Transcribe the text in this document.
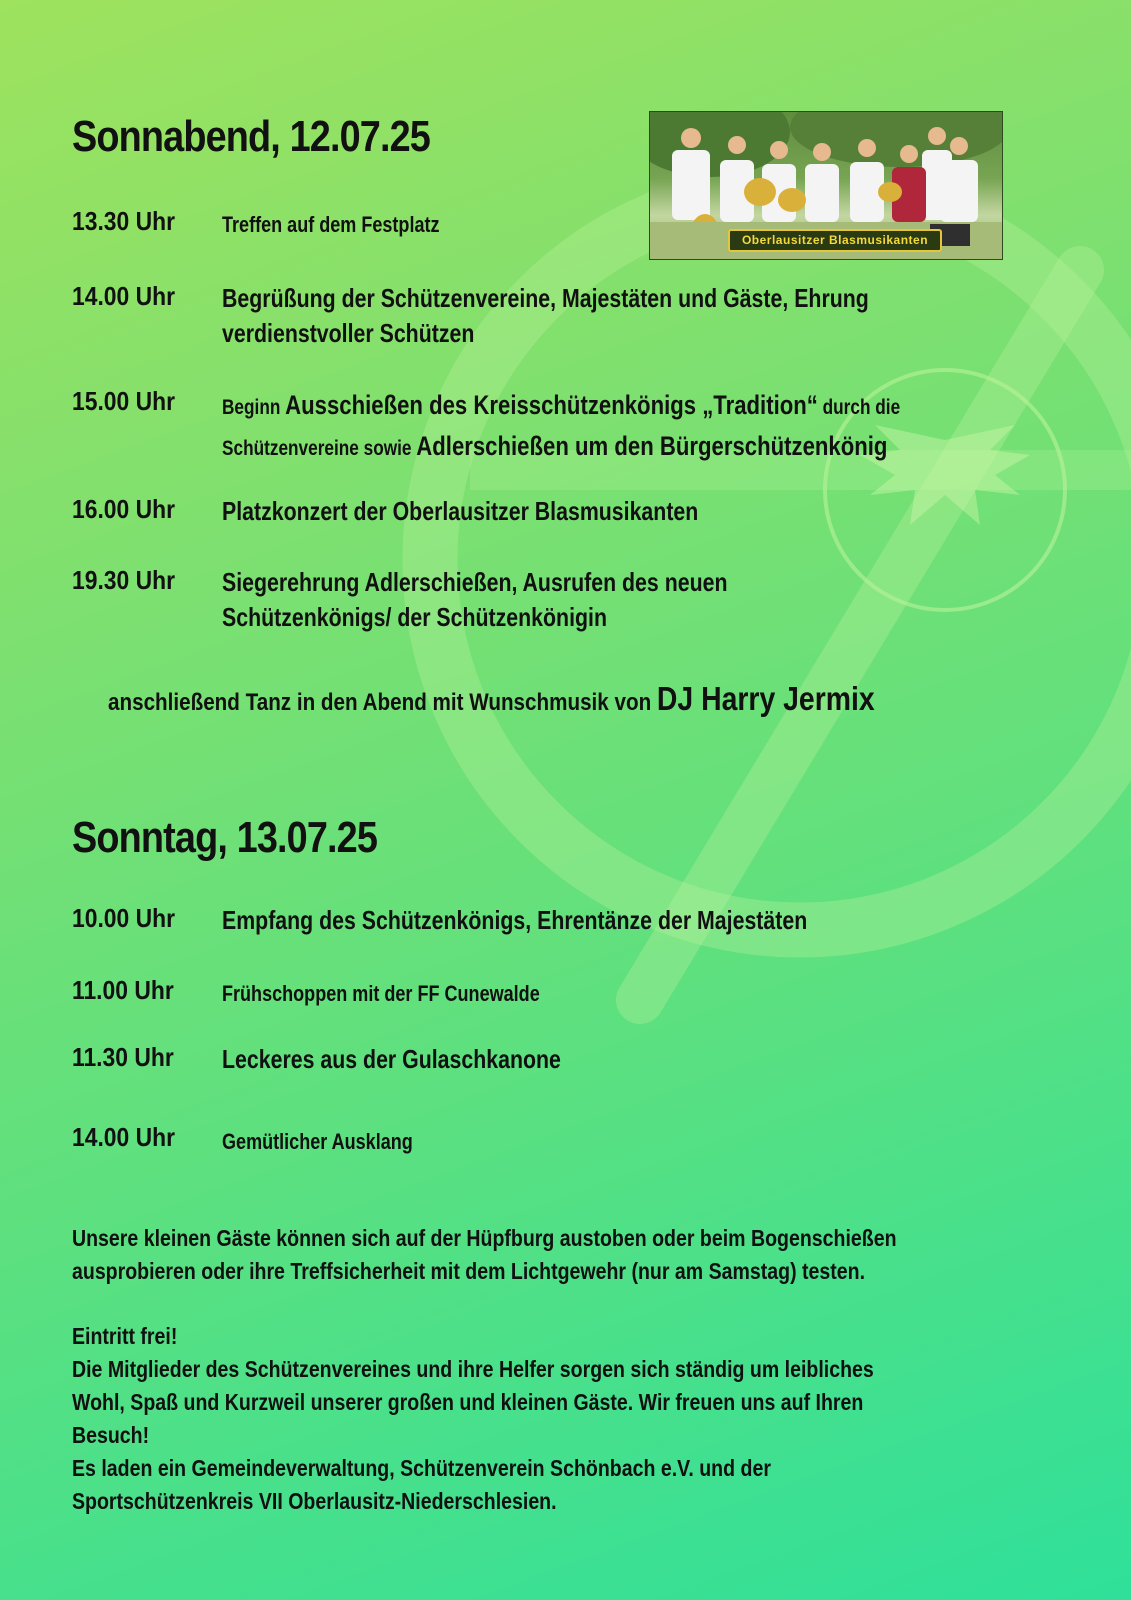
Sonnabend, 12.07.25
Oberlausitzer Blasmusikanten
13.30 Uhr Treffen auf dem Festplatz
14.00 Uhr Begrüßung der Schützenvereine, Majestäten und Gäste, Ehrung
verdienstvoller Schützen
15.00 Uhr Beginn Ausschießen des Kreisschützenkönigs „Tradition“ durch die
Schützenvereine sowie Adlerschießen um den Bürgerschützenkönig
16.00 Uhr Platzkonzert der Oberlausitzer Blasmusikanten
19.30 Uhr Siegerehrung Adlerschießen, Ausrufen des neuen
Schützenkönigs/ der Schützenkönigin
anschließend Tanz in den Abend mit Wunschmusik von DJ Harry Jermix
Sonntag, 13.07.25
10.00 Uhr Empfang des Schützenkönigs, Ehrentänze der Majestäten
11.00 Uhr Frühschoppen mit der FF Cunewalde
11.30 Uhr Leckeres aus der Gulaschkanone
14.00 Uhr Gemütlicher Ausklang
Unsere kleinen Gäste können sich auf der Hüpfburg austoben oder beim Bogenschießen
ausprobieren oder ihre Treffsicherheit mit dem Lichtgewehr (nur am Samstag) testen.
Eintritt frei!
Die Mitglieder des Schützenvereines und ihre Helfer sorgen sich ständig um leibliches
Wohl, Spaß und Kurzweil unserer großen und kleinen Gäste. Wir freuen uns auf Ihren
Besuch!
Es laden ein Gemeindeverwaltung, Schützenverein Schönbach e.V. und der
Sportschützenkreis VII Oberlausitz-Niederschlesien.
